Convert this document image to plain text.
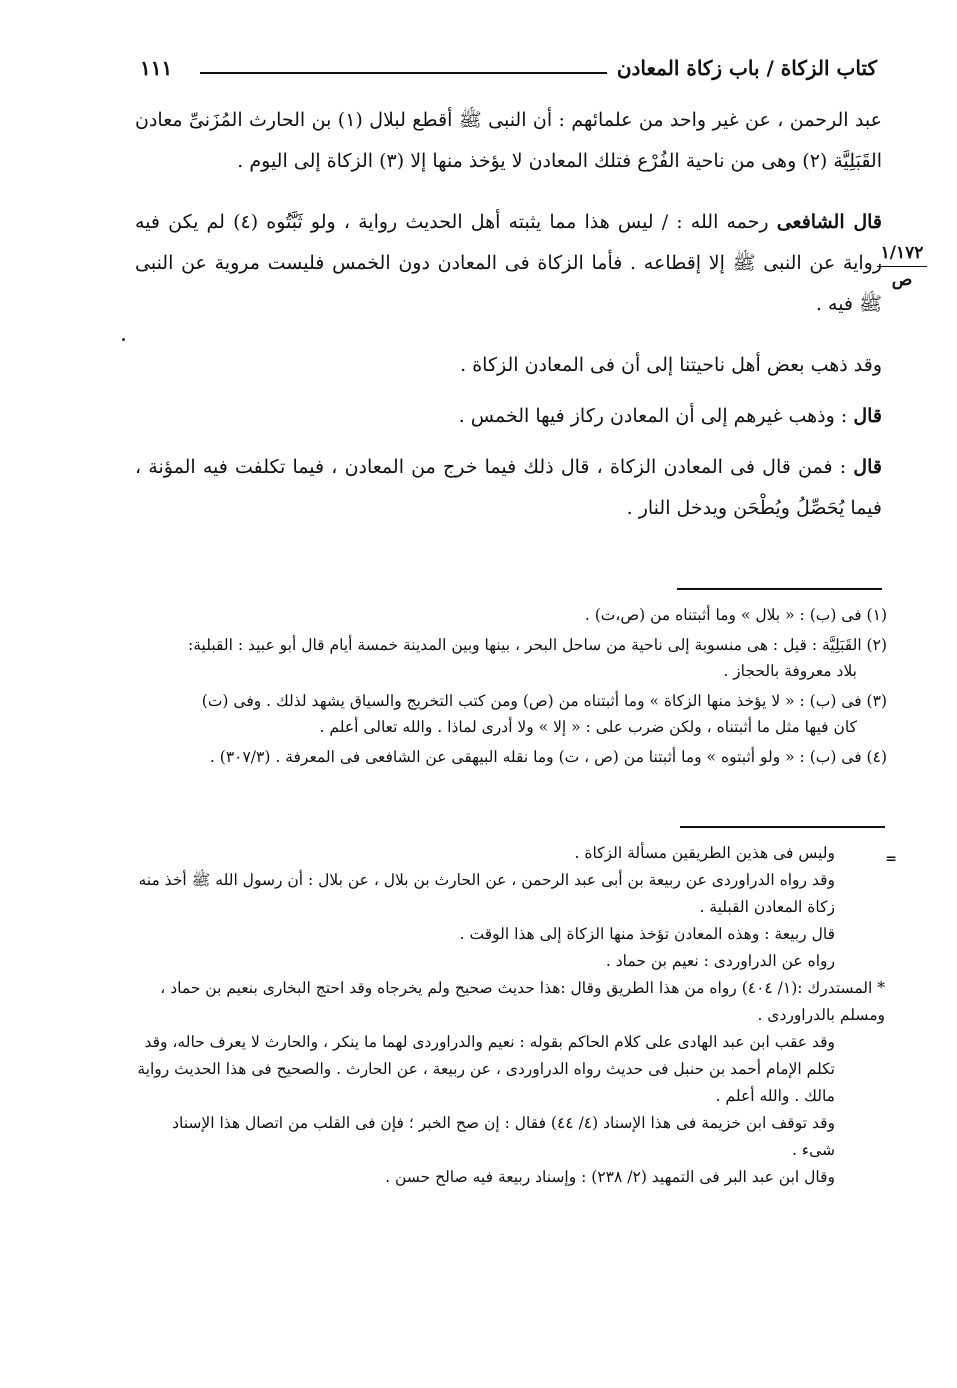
كتاب الزكاة / باب زكاة المعادن
١١١
١/١٧٢
ص

عبد الرحمن ، عن غير واحد من علمائهم : أن النبى ﷺ أقطع لبلال (١) بن الحارث المُزَنىِّ معادن القَبَلِيَّة (٢) وهى من ناحية الفُرْع فتلك المعادن لا يؤخذ منها إلا (٣) الزكاة إلى اليوم .

قال الشافعى رحمه الله : / ليس هذا مما يثبته أهل الحديث رواية ، ولو ثَبَّتُوه (٤) لم يكن فيه رواية عن النبى ﷺ إلا إقطاعه . فأما الزكاة فى المعادن دون الخمس فليست مروية عن النبى ﷺ فيه .

وقد ذهب بعض أهل ناحيتنا إلى أن فى المعادن الزكاة .

قال : وذهب غيرهم إلى أن المعادن ركاز فيها الخمس .

قال : فمن قال فى المعادن الزكاة ، قال ذلك فيما خرج من المعادن ، فيما تكلفت فيه المؤنة ، فيما يُحَصِّلُ ويُطْحَن ويدخل النار .

(١) فى (ب) : « بلال » وما أثبتناه من (ص،ت) .

(٢) القَبَلِيَّة : قيل : هى منسوبة إلى ناحية من ساحل البحر ، بينها وبين المدينة خمسة أيام قال أبو عبيد : القبلية:
بلاد معروفة بالحجاز .

(٣) فى (ب) : « لا يؤخذ منها الزكاة » وما أثبتناه من (ص) ومن كتب التخريج والسياق يشهد لذلك . وفى (ت)
كان فيها مثل ما أثبتناه ، ولكن ضرب على : « إلا » ولا أدرى لماذا . والله تعالى أعلم .

(٤) فى (ب) : « ولو أثبتوه » وما أثبتنا من (ص ، ت) وما نقله البيهقى عن الشافعى فى المعرفة . (٣٠٧/٣) .

=

وليس فى هذين الطريقين مسألة الزكاة .

وقد رواه الدراوردى عن ربيعة بن أبى عبد الرحمن ، عن الحارث بن بلال ، عن بلال : أن رسول الله ﷺ أخذ منه زكاة المعادن القبلية .

قال ربيعة : وهذه المعادن تؤخذ منها الزكاة إلى هذا الوقت .

رواه عن الدراوردى : نعيم بن حماد .

* المستدرك :(١/ ٤٠٤) رواه من هذا الطريق وقال :هذا حديث صحيح ولم يخرجاه وقد احتج البخارى بنعيم بن حماد ، ومسلم بالدراوردى .

وقد عقب ابن عبد الهادى على كلام الحاكم بقوله : نعيم والدراوردى لهما ما ينكر ، والحارث لا يعرف حاله، وقد تكلم الإمام أحمد بن حنبل فى حديث رواه الدراوردى ، عن ربيعة ، عن الحارث . والصحيح فى هذا الحديث رواية مالك . والله أعلم .

وقد توقف ابن خزيمة فى هذا الإسناد (٤/ ٤٤) فقال : إن صح الخبر ؛ فإن فى القلب من اتصال هذا الإسناد شىء .

وقال ابن عبد البر فى التمهيد (٢/ ٢٣٨) : وإسناد ربيعة فيه صالح حسن .
